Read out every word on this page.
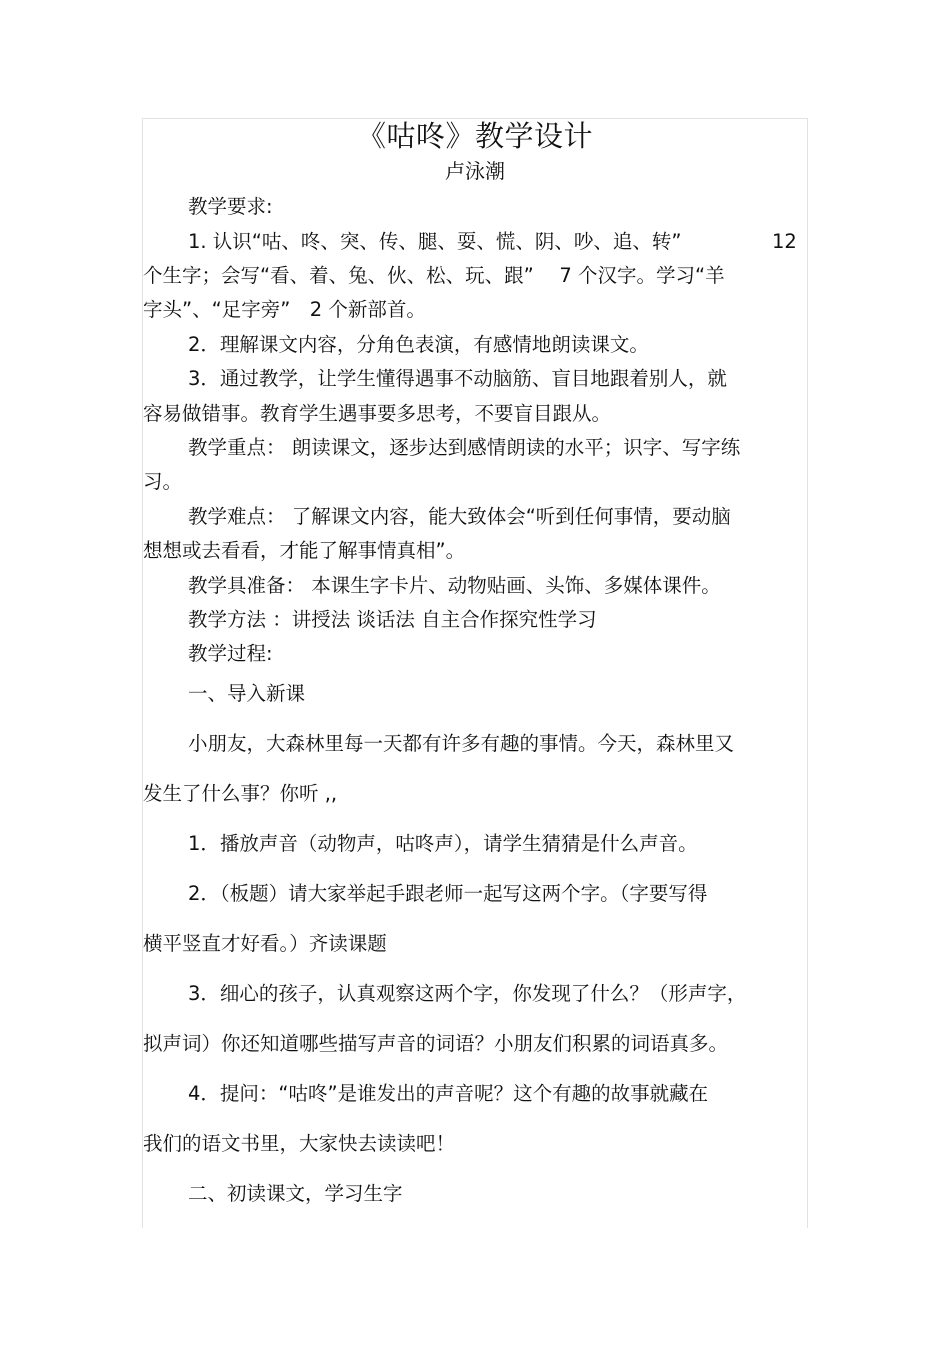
《咕咚》教学设计
卢泳潮
教学要求:
1. 认识“咕、咚、突、传、腿、耍、慌、阴、吵、追、转”	12
个生字；会写“看、着、兔、伙、松、玩、跟”　 7 个汉字。学习“羊
字头”、“足字旁”　2 个新部首。
2．理解课文内容，分角色表演，有感情地朗读课文。
3．通过教学，让学生懂得遇事不动脑筋、盲目地跟着别人，就
容易做错事。教育学生遇事要多思考，不要盲目跟从。
教学重点： 朗读课文，逐步达到感情朗读的水平；识字、写字练
习。
教学难点： 了解课文内容，能大致体会“听到任何事情，要动脑
想想或去看看，才能了解事情真相”。
教学具准备： 本课生字卡片、动物贴画、头饰、多媒体课件。
教学方法 ：讲授法 谈话法 自主合作探究性学习
教学过程:
一、导入新课
小朋友，大森林里每一天都有许多有趣的事情。今天，森林里又
发生了什么事？你听 ,,
1．播放声音（动物声，咕咚声），请学生猜猜是什么声音。
2．（板题）请大家举起手跟老师一起写这两个字。（字要写得
横平竖直才好看。）齐读课题
3．细心的孩子，认真观察这两个字，你发现了什么？（形声字，
拟声词）你还知道哪些描写声音的词语？小朋友们积累的词语真多。
4．提问：“咕咚”是谁发出的声音呢？这个有趣的故事就藏在
我们的语文书里，大家快去读读吧！
二、初读课文，学习生字
